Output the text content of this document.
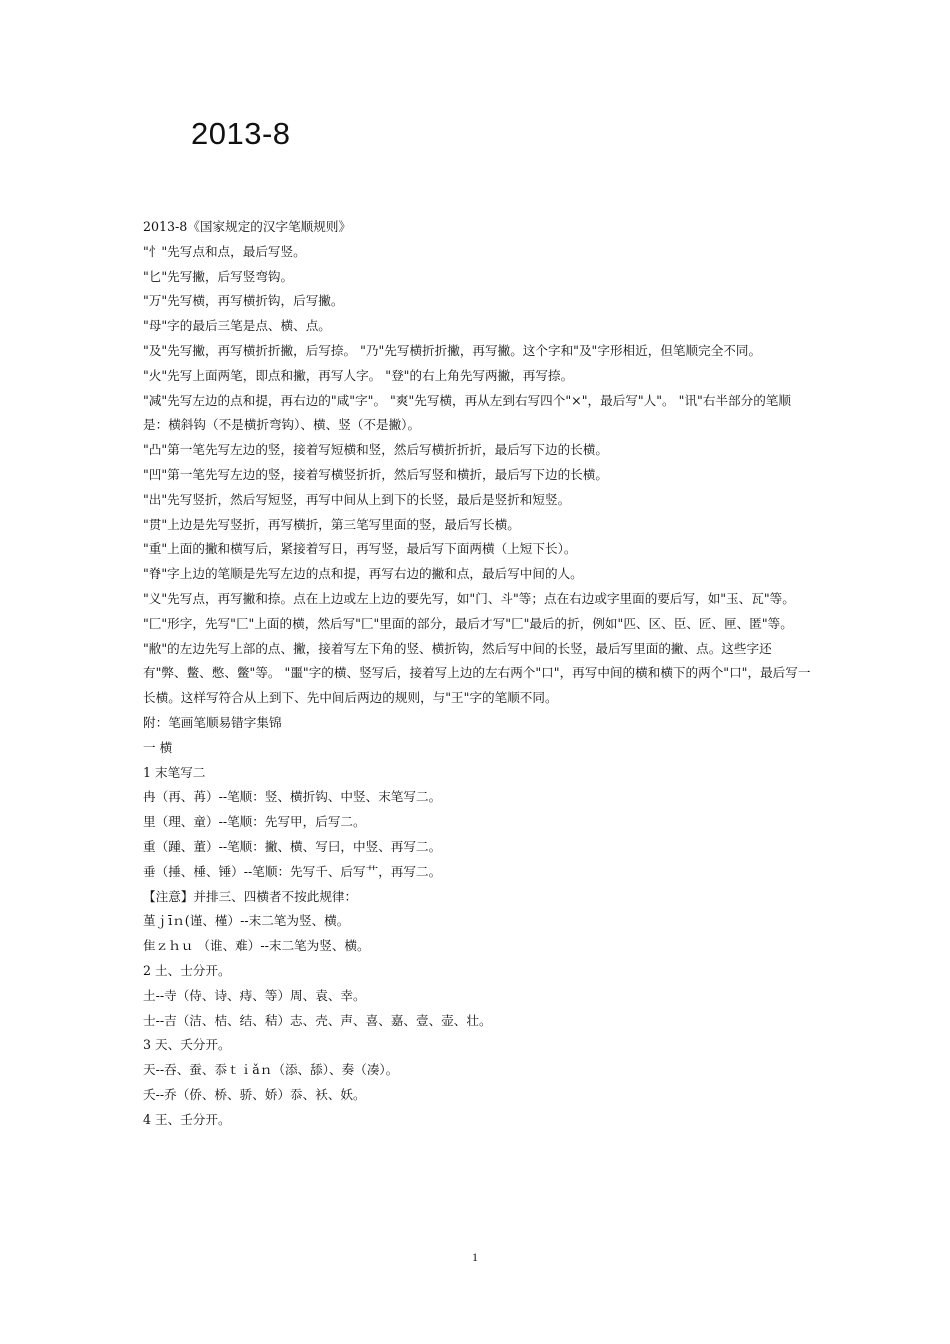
2013-8

2013-8《国家规定的汉字笔顺规则》

"忄"先写点和点，最后写竖。

"匕"先写撇，后写竖弯钩。

"万"先写横，再写横折钩，后写撇。

"母"字的最后三笔是点、横、点。

"及"先写撇，再写横折折撇，后写捺。 "乃"先写横折折撇，再写撇。这个字和"及"字形相近，但笔顺完全不同。

"火"先写上面两笔，即点和撇，再写人字。 "登"的右上角先写两撇，再写捺。

"减"先写左边的点和提，再右边的"咸"字"。 "爽"先写横，再从左到右写四个"×"，最后写"人"。 "讯"右半部分的笔顺是：横斜钩（不是横折弯钩）、横、竖（不是撇）。

"凸"第一笔先写左边的竖，接着写短横和竖，然后写横折折折，最后写下边的长横。

"凹"第一笔先写左边的竖，接着写横竖折折，然后写竖和横折，最后写下边的长横。

"出"先写竖折，然后写短竖，再写中间从上到下的长竖，最后是竖折和短竖。

"贯"上边是先写竖折，再写横折，第三笔写里面的竖，最后写长横。

"重"上面的撇和横写后，紧接着写日，再写竖，最后写下面两横（上短下长）。

"脊"字上边的笔顺是先写左边的点和提，再写右边的撇和点，最后写中间的人。

"义"先写点，再写撇和捺。点在上边或左上边的要先写，如"门、斗"等；点在右边或字里面的要后写，如"玉、瓦"等。

"匚"形字，先写"匚"上面的横，然后写"匚"里面的部分，最后才写"匚"最后的折，例如"匹、区、臣、匠、匣、匿"等。

"敝"的左边先写上部的点、撇，接着写左下角的竖、横折钩，然后写中间的长竖，最后写里面的撇、点。这些字还有"弊、鳖、憋、鳖"等。 "噩"字的横、竖写后，接着写上边的左右两个"口"，再写中间的横和横下的两个"口"，最后写一长横。这样写符合从上到下、先中间后两边的规则，与"王"字的笔顺不同。

附：笔画笔顺易错字集锦

一 横

1 末笔写二

冉（再、苒）--笔顺：竖、横折钩、中竖、末笔写二。

里（理、童）--笔顺：先写甲，后写二。

重（踵、董）--笔顺：撇、横、写曰，中竖、再写二。

垂（捶、棰、锤）--笔顺：先写千、后写艹，再写二。

【注意】并排三、四横者不按此规律：

堇ｊīｎ(谨、槿）--末二笔为竖、横。

隹ｚｈｕ （谁、难）--末二笔为竖、横。

2 土、士分开。

土--寺（侍、诗、痔、等）周、袁、幸。

士--吉（洁、桔、结、秸）志、壳、声、喜、嘉、壹、壶、壮。

3 天、夭分开。

天--吞、蚕、忝ｔｉǎｎ（添、舔）、奏（凑）。

夭--乔（侨、桥、骄、娇）忝、袄、妖。

4 王、壬分开。

1
